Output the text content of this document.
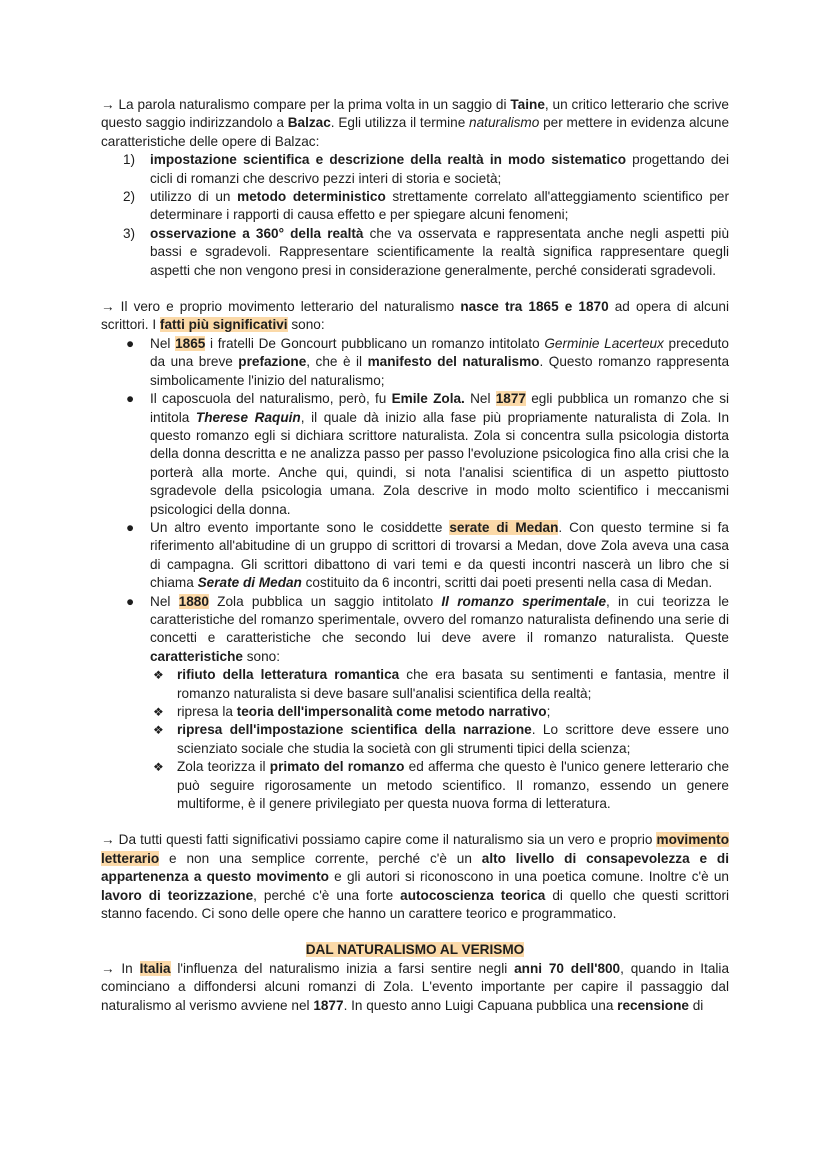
→ La parola naturalismo compare per la prima volta in un saggio di Taine, un critico letterario che scrive questo saggio indirizzandolo a Balzac. Egli utilizza il termine naturalismo per mettere in evidenza alcune caratteristiche delle opere di Balzac:

1) impostazione scientifica e descrizione della realtà in modo sistematico progettando dei cicli di romanzi che descrivo pezzi interi di storia e società;
2) utilizzo di un metodo deterministico strettamente correlato all'atteggiamento scientifico per determinare i rapporti di causa effetto e per spiegare alcuni fenomeni;
3) osservazione a 360° della realtà che va osservata e rappresentata anche negli aspetti più bassi e sgradevoli. Rappresentare scientificamente la realtà significa rappresentare quegli aspetti che non vengono presi in considerazione generalmente, perché considerati sgradevoli.

→ Il vero e proprio movimento letterario del naturalismo nasce tra 1865 e 1870 ad opera di alcuni scrittori. I fatti più significativi sono:

● Nel 1865 i fratelli De Goncourt pubblicano un romanzo intitolato Germinie Lacerteux preceduto da una breve prefazione, che è il manifesto del naturalismo. Questo romanzo rappresenta simbolicamente l'inizio del naturalismo;
● Il caposcuola del naturalismo, però, fu Emile Zola. Nel 1877 egli pubblica un romanzo che si intitola Therese Raquin, il quale dà inizio alla fase più propriamente naturalista di Zola. In questo romanzo egli si dichiara scrittore naturalista. Zola si concentra sulla psicologia distorta della donna descritta e ne analizza passo per passo l'evoluzione psicologica fino alla crisi che la porterà alla morte. Anche qui, quindi, si nota l'analisi scientifica di un aspetto piuttosto sgradevole della psicologia umana. Zola descrive in modo molto scientifico i meccanismi psicologici della donna.
● Un altro evento importante sono le cosiddette serate di Medan. Con questo termine si fa riferimento all'abitudine di un gruppo di scrittori di trovarsi a Medan, dove Zola aveva una casa di campagna. Gli scrittori dibattono di vari temi e da questi incontri nascerà un libro che si chiama Serate di Medan costituito da 6 incontri, scritti dai poeti presenti nella casa di Medan.
● Nel 1880 Zola pubblica un saggio intitolato Il romanzo sperimentale, in cui teorizza le caratteristiche del romanzo sperimentale, ovvero del romanzo naturalista definendo una serie di concetti e caratteristiche che secondo lui deve avere il romanzo naturalista. Queste caratteristiche sono:
❖ rifiuto della letteratura romantica che era basata su sentimenti e fantasia, mentre il romanzo naturalista si deve basare sull'analisi scientifica della realtà;
❖ ripresa la teoria dell'impersonalità come metodo narrativo;
❖ ripresa dell'impostazione scientifica della narrazione. Lo scrittore deve essere uno scienziato sociale che studia la società con gli strumenti tipici della scienza;
❖ Zola teorizza il primato del romanzo ed afferma che questo è l'unico genere letterario che può seguire rigorosamente un metodo scientifico. Il romanzo, essendo un genere multiforme, è il genere privilegiato per questa nuova forma di letteratura.

→ Da tutti questi fatti significativi possiamo capire come il naturalismo sia un vero e proprio movimento letterario e non una semplice corrente, perché c'è un alto livello di consapevolezza e di appartenenza a questo movimento e gli autori si riconoscono in una poetica comune. Inoltre c'è un lavoro di teorizzazione, perché c'è una forte autocoscienza teorica di quello che questi scrittori stanno facendo. Ci sono delle opere che hanno un carattere teorico e programmatico.

DAL NATURALISMO AL VERISMO

→ In Italia l'influenza del naturalismo inizia a farsi sentire negli anni 70 dell'800, quando in Italia cominciano a diffondersi alcuni romanzi di Zola. L'evento importante per capire il passaggio dal naturalismo al verismo avviene nel 1877. In questo anno Luigi Capuana pubblica una recensione di
